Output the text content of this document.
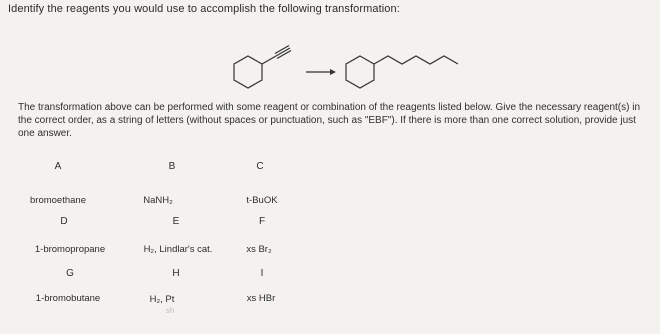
Identify the reagents you would use to accomplish the following transformation:
The transformation above can be performed with some reagent or combination of the reagents listed below. Give the necessary reagent(s) in the correct order, as a string of letters (without spaces or punctuation, such as "EBF"). If there is more than one correct solution, provide just one answer.
A
bromoethane
B
NaNH₂
C
t-BuOK
D
1-bromopropane
E
H₂, Lindlar's cat.
F
xs Br₂
G
1-bromobutane
H
H₂, Pt
I
xs HBr
sh
